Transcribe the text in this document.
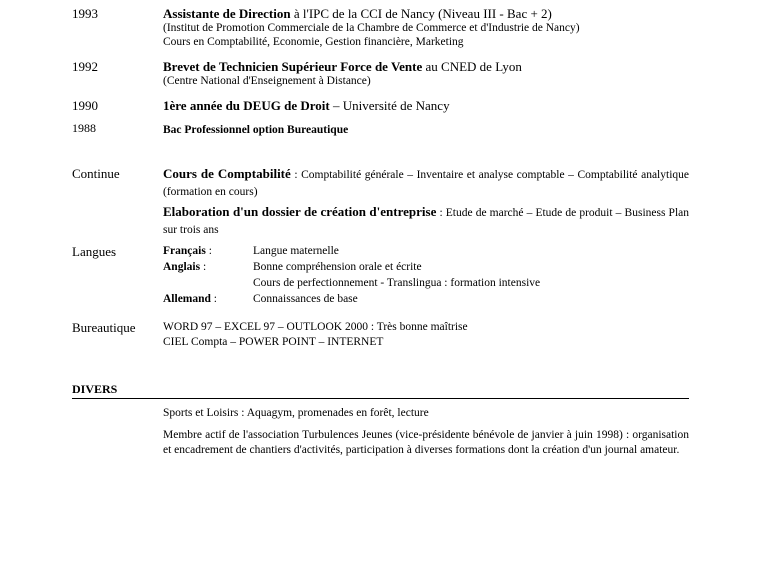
1993	Assistante de Direction à l'IPC de la CCI de Nancy (Niveau III - Bac + 2)
(Institut de Promotion Commerciale de la Chambre de Commerce et d'Industrie de Nancy)
Cours en Comptabilité, Economie, Gestion financière, Marketing
1992	Brevet de Technicien Supérieur Force de Vente au CNED de Lyon
(Centre National d'Enseignement à Distance)
1990	1ère année du DEUG de Droit – Université de Nancy
1988	Bac Professionnel option Bureautique
Continue	Cours de Comptabilité : Comptabilité générale – Inventaire et analyse comptable – Comptabilité analytique (formation en cours)
Elaboration d'un dossier de création d'entreprise : Etude de marché – Etude de produit – Business Plan sur trois ans
Langues	Français :	Langue maternelle
Anglais :	Bonne compréhension orale et écrite
Cours de perfectionnement - Translingua : formation intensive
Allemand :	Connaissances de base
Bureautique WORD 97 – EXCEL 97 – OUTLOOK 2000 : Très bonne maîtrise
CIEL Compta – POWER POINT – INTERNET
DIVERS
Sports et Loisirs : Aquagym, promenades en forêt, lecture
Membre actif de l'association Turbulences Jeunes (vice-présidente bénévole de janvier à juin 1998) : organisation et encadrement de chantiers d'activités, participation à diverses formations dont la création d'un journal amateur.
